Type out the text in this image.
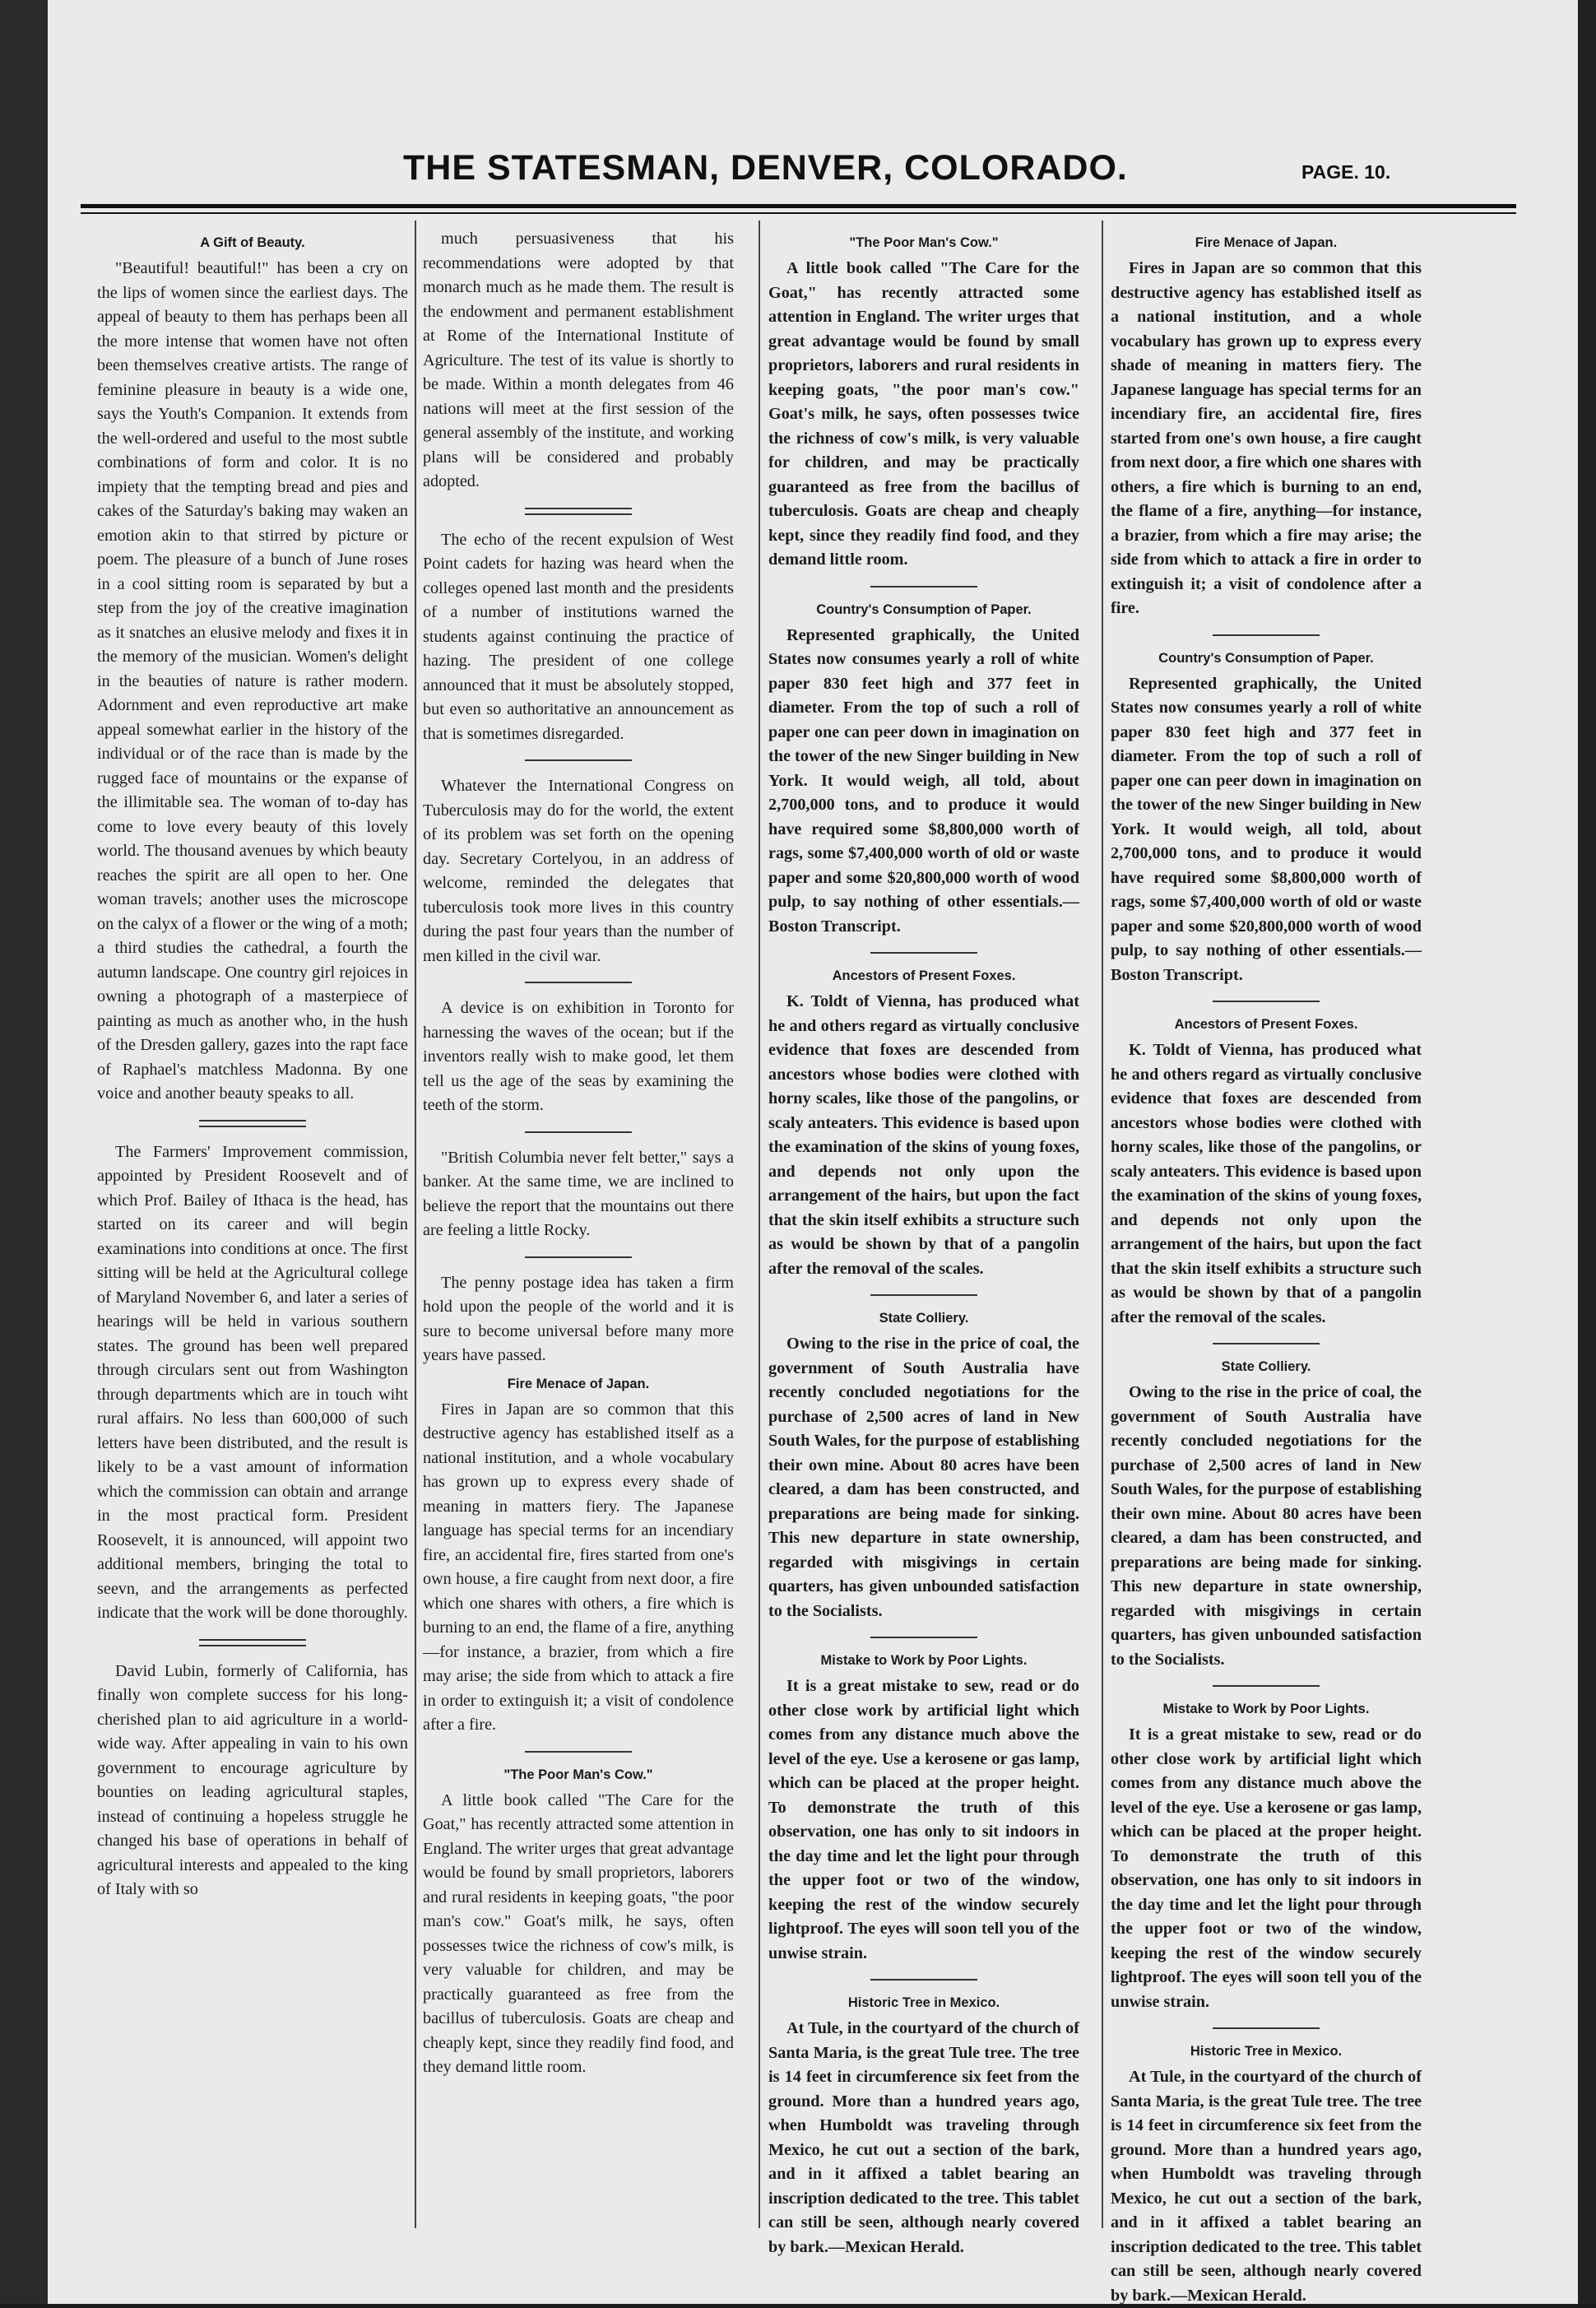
THE STATESMAN, DENVER, COLORADO.	PAGE. 10.
A Gift of Beauty.

"Beautiful! beautiful!" has been a cry on the lips of women since the earliest days. The appeal of beauty to them has perhaps been all the more intense that women have not often been themselves creative artists. The range of feminine pleasure in beauty is a wide one, says the Youth's Companion. It extends from the well-ordered and useful to the most subtle combinations of form and color. It is no impiety that the tempting bread and pies and cakes of the Saturday's baking may waken an emotion akin to that stirred by picture or poem. The pleasure of a bunch of June roses in a cool sitting room is separated by but a step from the joy of the creative imagination as it snatches an elusive melody and fixes it in the memory of the musician. Women's delight in the beauties of nature is rather modern. Adornment and even reproductive art make appeal somewhat earlier in the history of the individual or of the race than is made by the rugged face of mountains or the expanse of the illimitable sea. The woman of to-day has come to love every beauty of this lovely world. The thousand avenues by which beauty reaches the spirit are all open to her. One woman travels; another uses the microscope on the calyx of a flower or the wing of a moth; a third studies the cathedral, a fourth the autumn landscape. One country girl rejoices in owning a photograph of a masterpiece of painting as much as another who, in the hush of the Dresden gallery, gazes into the rapt face of Raphael's matchless Madonna. By one voice and another beauty speaks to all.

The Farmers' Improvement commission, appointed by President Roosevelt and of which Prof. Bailey of Ithaca is the head, has started on its career and will begin examinations into conditions at once. The first sitting will be held at the Agricultural college of Maryland November 6, and later a series of hearings will be held in various southern states. The ground has been well prepared through circulars sent out from Washington through departments which are in touch wiht rural affairs. No less than 600,000 of such letters have been distributed, and the result is likely to be a vast amount of information which the commission can obtain and arrange in the most practical form. President Roosevelt, it is announced, will appoint two additional members, bringing the total to seevn, and the arrangements as perfected indicate that the work will be done thoroughly.

David Lubin, formerly of California, has finally won complete success for his long-cherished plan to aid agriculture in a world-wide way. After appealing in vain to his own government to encourage agriculture by bounties on leading agricultural staples, instead of continuing a hopeless struggle he changed his base of operations in behalf of agricultural interests and appealed to the king of Italy with so

much persuasiveness that his recommendations were adopted by that monarch much as he made them. The result is the endowment and permanent establishment at Rome of the International Institute of Agriculture. The test of its value is shortly to be made. Within a month delegates from 46 nations will meet at the first session of the general assembly of the institute, and working plans will be considered and probably adopted.

The echo of the recent expulsion of West Point cadets for hazing was heard when the colleges opened last month and the presidents of a number of institutions warned the students against continuing the practice of hazing. The president of one college announced that it must be absolutely stopped, but even so authoritative an announcement as that is sometimes disregarded.

Whatever the International Congress on Tuberculosis may do for the world, the extent of its problem was set forth on the opening day. Secretary Cortelyou, in an address of welcome, reminded the delegates that tuberculosis took more lives in this country during the past four years than the number of men killed in the civil war.

A device is on exhibition in Toronto for harnessing the waves of the ocean; but if the inventors really wish to make good, let them tell us the age of the seas by examining the teeth of the storm.

"British Columbia never felt better," says a banker. At the same time, we are inclined to believe the report that the mountains out there are feeling a little Rocky.

The penny postage idea has taken a firm hold upon the people of the world and it is sure to become universal before many more years have passed.

Fire Menace of Japan.

Fires in Japan are so common that this destructive agency has established itself as a national institution, and a whole vocabulary has grown up to express every shade of meaning in matters fiery. The Japanese language has special terms for an incendiary fire, an accidental fire, fires started from one's own house, a fire caught from next door, a fire which one shares with others, a fire which is burning to an end, the flame of a fire, anything—for instance, a brazier, from which a fire may arise; the side from which to attack a fire in order to extinguish it; a visit of condolence after a fire.

"The Poor Man's Cow."

A little book called "The Care for the Goat," has recently attracted some attention in England. The writer urges that great advantage would be found by small proprietors, laborers and rural residents in keeping goats, "the poor man's cow." Goat's milk, he says, often possesses twice the richness of cow's milk, is very valuable for children, and may be practically guaranteed as free from the bacillus of tuberculosis. Goats are cheap and cheaply kept, since they readily find food, and they demand little room.

"The Poor Man's Cow."

A little book called "The Care for the Goat," has recently attracted some attention in England. The writer urges that great advantage would be found by small proprietors, laborers and rural residents in keeping goats, "the poor man's cow." Goat's milk, he says, often possesses twice the richness of cow's milk, is very valuable for children, and may be practically guaranteed as free from the bacillus of tuberculosis. Goats are cheap and cheaply kept, since they readily find food, and they demand little room.

Country's Consumption of Paper.

Represented graphically, the United States now consumes yearly a roll of white paper 830 feet high and 377 feet in diameter. From the top of such a roll of paper one can peer down in imagination on the tower of the new Singer building in New York. It would weigh, all told, about 2,700,000 tons, and to produce it would have required some $8,800,000 worth of rags, some $7,400,000 worth of old or waste paper and some $20,800,000 worth of wood pulp, to say nothing of other essentials.—Boston Transcript.

Ancestors of Present Foxes.

K. Toldt of Vienna, has produced what he and others regard as virtually conclusive evidence that foxes are descended from ancestors whose bodies were clothed with horny scales, like those of the pangolins, or scaly anteaters. This evidence is based upon the examination of the skins of young foxes, and depends not only upon the arrangement of the hairs, but upon the fact that the skin itself exhibits a structure such as would be shown by that of a pangolin after the removal of the scales.

State Colliery.

Owing to the rise in the price of coal, the government of South Australia have recently concluded negotiations for the purchase of 2,500 acres of land in New South Wales, for the purpose of establishing their own mine. About 80 acres have been cleared, a dam has been constructed, and preparations are being made for sinking. This new departure in state ownership, regarded with misgivings in certain quarters, has given unbounded satisfaction to the Socialists.

Mistake to Work by Poor Lights.

It is a great mistake to sew, read or do other close work by artificial light which comes from any distance much above the level of the eye. Use a kerosene or gas lamp, which can be placed at the proper height. To demonstrate the truth of this observation, one has only to sit indoors in the day time and let the light pour through the upper foot or two of the window, keeping the rest of the window securely lightproof. The eyes will soon tell you of the unwise strain.

Historic Tree in Mexico.

At Tule, in the courtyard of the church of Santa Maria, is the great Tule tree. The tree is 14 feet in circumference six feet from the ground. More than a hundred years ago, when Humboldt was traveling through Mexico, he cut out a section of the bark, and in it affixed a tablet bearing an inscription dedicated to the tree. This tablet can still be seen, although nearly covered by bark.—Mexican Herald.

Fire Menace of Japan.

Fires in Japan are so common that this destructive agency has established itself as a national institution, and a whole vocabulary has grown up to express every shade of meaning in matters fiery. The Japanese language has special terms for an incendiary fire, an accidental fire, fires started from one's own house, a fire caught from next door, a fire which one shares with others, a fire which is burning to an end, the flame of a fire, anything—for instance, a brazier, from which a fire may arise; the side from which to attack a fire in order to extinguish it; a visit of condolence after a fire.

Country's Consumption of Paper.

Represented graphically, the United States now consumes yearly a roll of white paper 830 feet high and 377 feet in diameter. From the top of such a roll of paper one can peer down in imagination on the tower of the new Singer building in New York. It would weigh, all told, about 2,700,000 tons, and to produce it would have required some $8,800,000 worth of rags, some $7,400,000 worth of old or waste paper and some $20,800,000 worth of wood pulp, to say nothing of other essentials.—Boston Transcript.

Ancestors of Present Foxes.

K. Toldt of Vienna, has produced what he and others regard as virtually conclusive evidence that foxes are descended from ancestors whose bodies were clothed with horny scales, like those of the pangolins, or scaly anteaters. This evidence is based upon the examination of the skins of young foxes, and depends not only upon the arrangement of the hairs, but upon the fact that the skin itself exhibits a structure such as would be shown by that of a pangolin after the removal of the scales.

State Colliery.

Owing to the rise in the price of coal, the government of South Australia have recently concluded negotiations for the purchase of 2,500 acres of land in New South Wales, for the purpose of establishing their own mine. About 80 acres have been cleared, a dam has been constructed, and preparations are being made for sinking. This new departure in state ownership, regarded with misgivings in certain quarters, has given unbounded satisfaction to the Socialists.

Mistake to Work by Poor Lights.

It is a great mistake to sew, read or do other close work by artificial light which comes from any distance much above the level of the eye. Use a kerosene or gas lamp, which can be placed at the proper height. To demonstrate the truth of this observation, one has only to sit indoors in the day time and let the light pour through the upper foot or two of the window, keeping the rest of the window securely lightproof. The eyes will soon tell you of the unwise strain.

Historic Tree in Mexico.

At Tule, in the courtyard of the church of Santa Maria, is the great Tule tree. The tree is 14 feet in circumference six feet from the ground. More than a hundred years ago, when Humboldt was traveling through Mexico, he cut out a section of the bark, and in it affixed a tablet bearing an inscription dedicated to the tree. This tablet can still be seen, although nearly covered by bark.—Mexican Herald.
